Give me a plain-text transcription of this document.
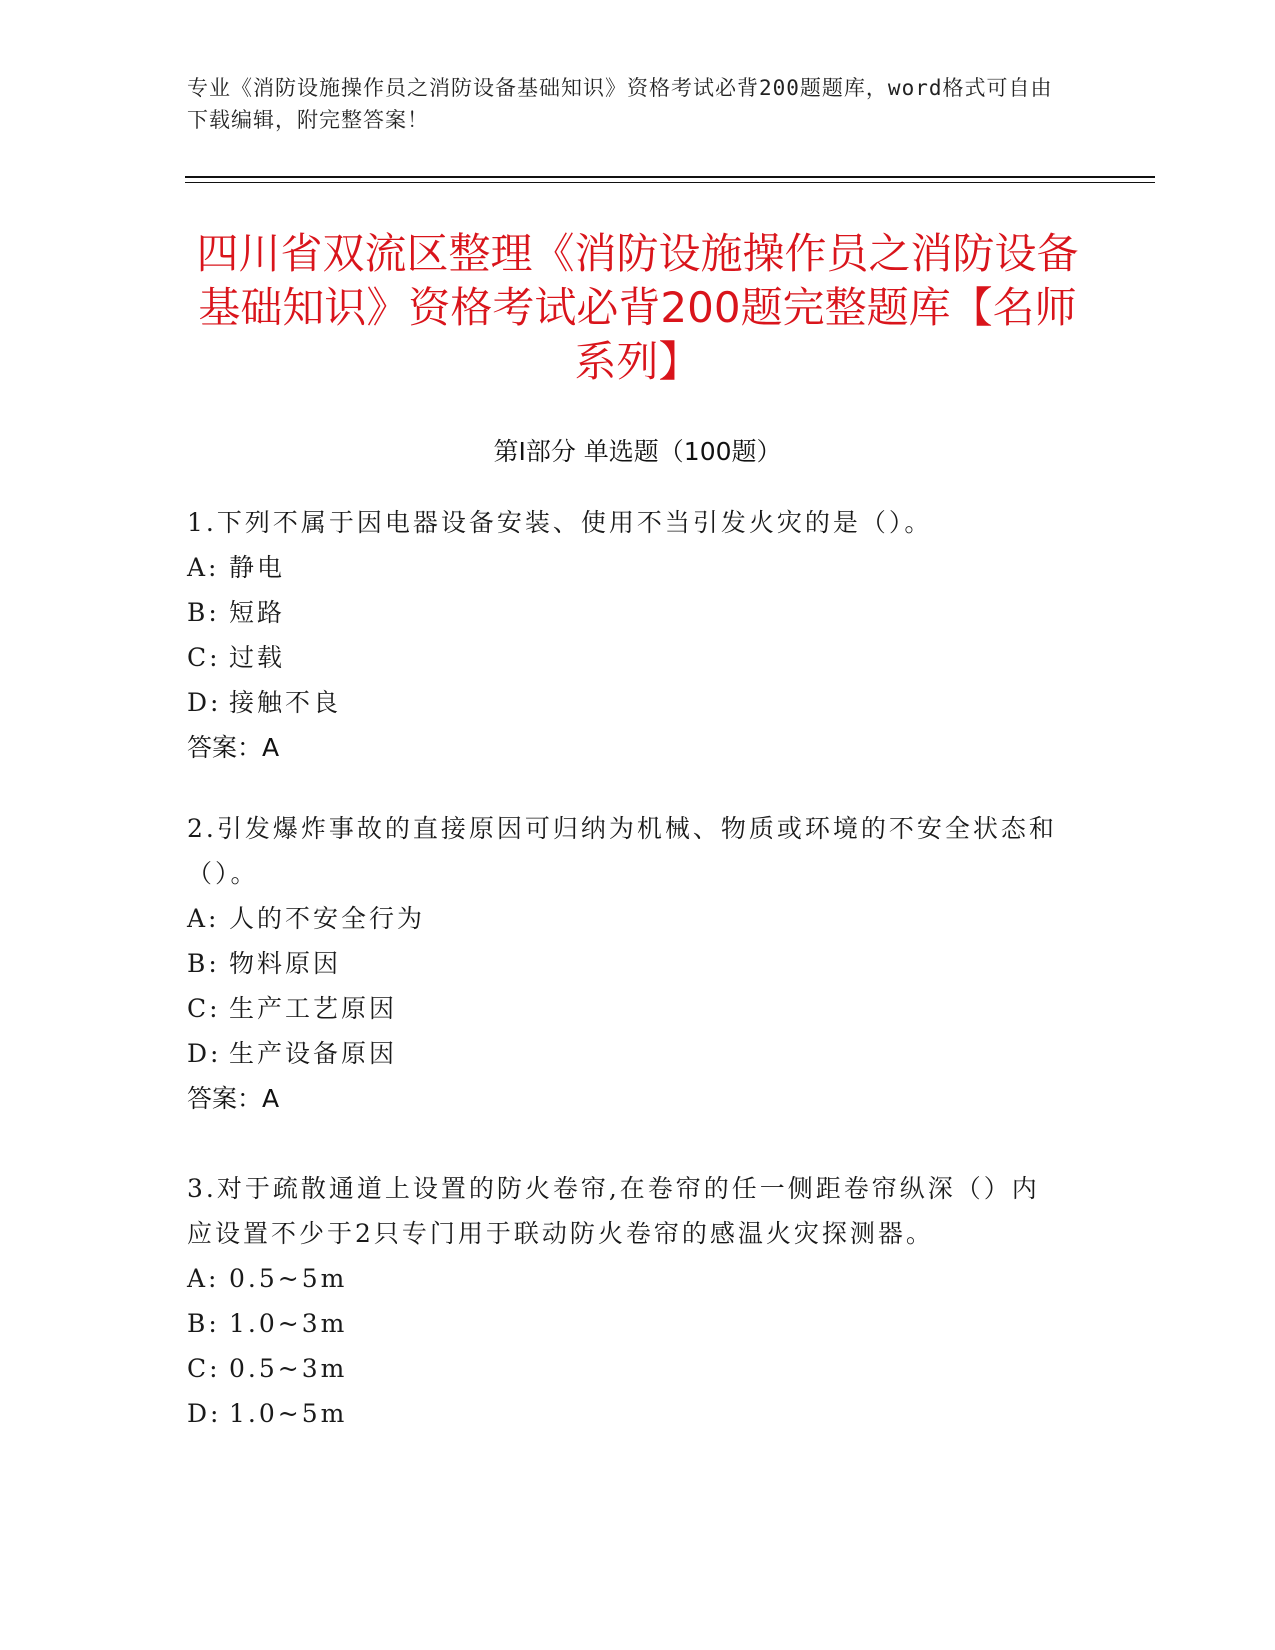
专业《消防设施操作员之消防设备基础知识》资格考试必背200题题库，word格式可自由下载编辑，附完整答案！
四川省双流区整理《消防设施操作员之消防设备基础知识》资格考试必背200题完整题库【名师系列】
第I部分 单选题（100题）

1.下列不属于因电器设备安装、使用不当引发火灾的是（）。

A: 静电

B: 短路

C: 过载

D: 接触不良

答案：A

2.引发爆炸事故的直接原因可归纳为机械、物质或环境的不安全状态和（）。

A: 人的不安全行为

B: 物料原因

C: 生产工艺原因

D: 生产设备原因

答案：A

3.对于疏散通道上设置的防火卷帘,在卷帘的任一侧距卷帘纵深（）内应设置不少于2只专门用于联动防火卷帘的感温火灾探测器。

A: 0.5~5m

B: 1.0~3m

C: 0.5~3m

D: 1.0~5m
